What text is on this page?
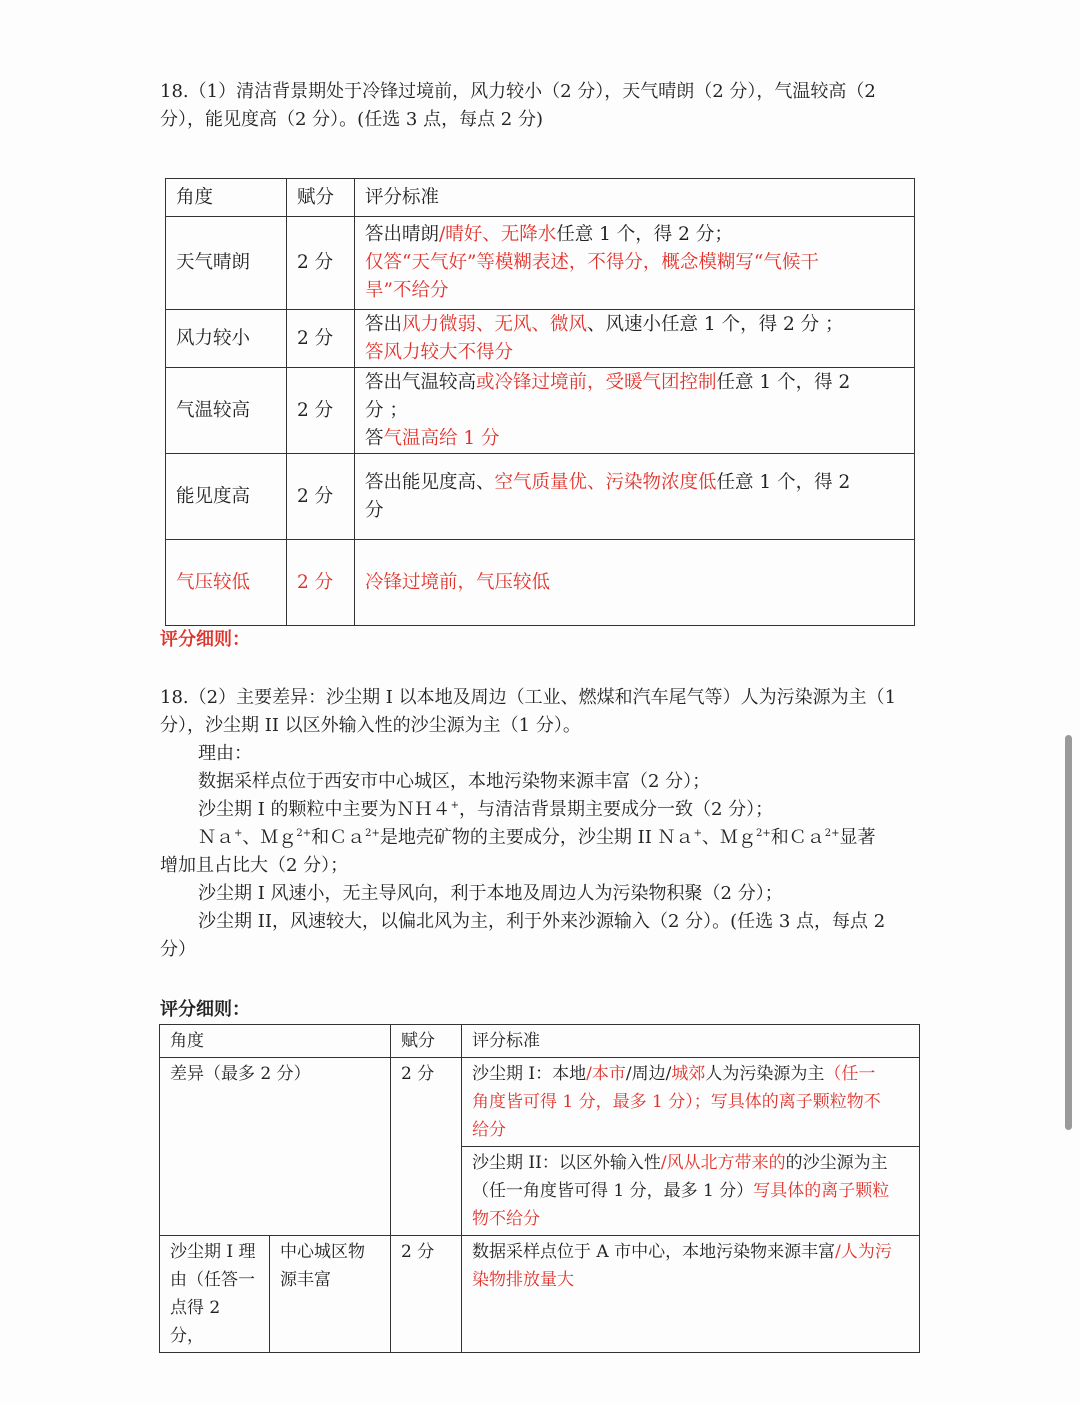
18.（1）清洁背景期处于冷锋过境前，风力较小（2 分），天气晴朗（2 分），气温较高（2
分），能见度高（2 分）。(任选 3 点，每点 2 分)
角度	赋分	评分标准
天气晴朗	2 分	答出晴朗/晴好、无降水任意 1 个，得 2 分；
仅答“天气好”等模糊表述，不得分，概念模糊写“气候干
旱”不给分
风力较小	2 分	答出风力微弱、无风、微风、风速小任意 1 个，得 2 分 ；
答风力较大不得分
气温较高	2 分	答出气温较高或冷锋过境前，受暖气团控制任意 1 个，得 2
分 ；
答气温高给 1 分
能见度高	2 分	答出能见度高、空气质量优、污染物浓度低任意 1 个，得 2
分
气压较低	2 分	冷锋过境前，气压较低
评分细则：
18.（2）主要差异：沙尘期 I 以本地及周边（工业、燃煤和汽车尾气等）人为污染源为主（1
分），沙尘期 II 以区外输入性的沙尘源为主（1 分）。
理由：
数据采样点位于西安市中心城区，本地污染物来源丰富（2 分）；
沙尘期 I 的颗粒中主要为ＮＨ４+，与清洁背景期主要成分一致（2 分）；
Ｎａ+、Ｍｇ$^{2+}$和Ｃａ$^{2+}$是地壳矿物的主要成分，沙尘期 II Ｎａ+、Ｍｇ$^{2+}$和Ｃａ$^{2+}$显著
增加且占比大（2 分）；
沙尘期 I 风速小，无主导风向，利于本地及周边人为污染物积聚（2 分）；
沙尘期 II，风速较大，以偏北风为主，利于外来沙源输入（2 分）。(任选 3 点，每点 2
分）
评分细则：
角度		赋分	评分标准
差异（最多 2 分）		2 分	沙尘期 I：本地/本市/周边/城郊人为污染源为主（任一
角度皆可得 1 分，最多 1 分）；写具体的离子颗粒物不
给分
			沙尘期 II：以区外输入性/风从北方带来的的沙尘源为主
（任一角度皆可得 1 分，最多 1 分）写具体的离子颗粒
物不给分
沙尘期 I 理由（任答一点得 2 分，	中心城区物源丰富	2 分	数据采样点位于 A 市中心，本地污染物来源丰富/人为污
染物排放量大
